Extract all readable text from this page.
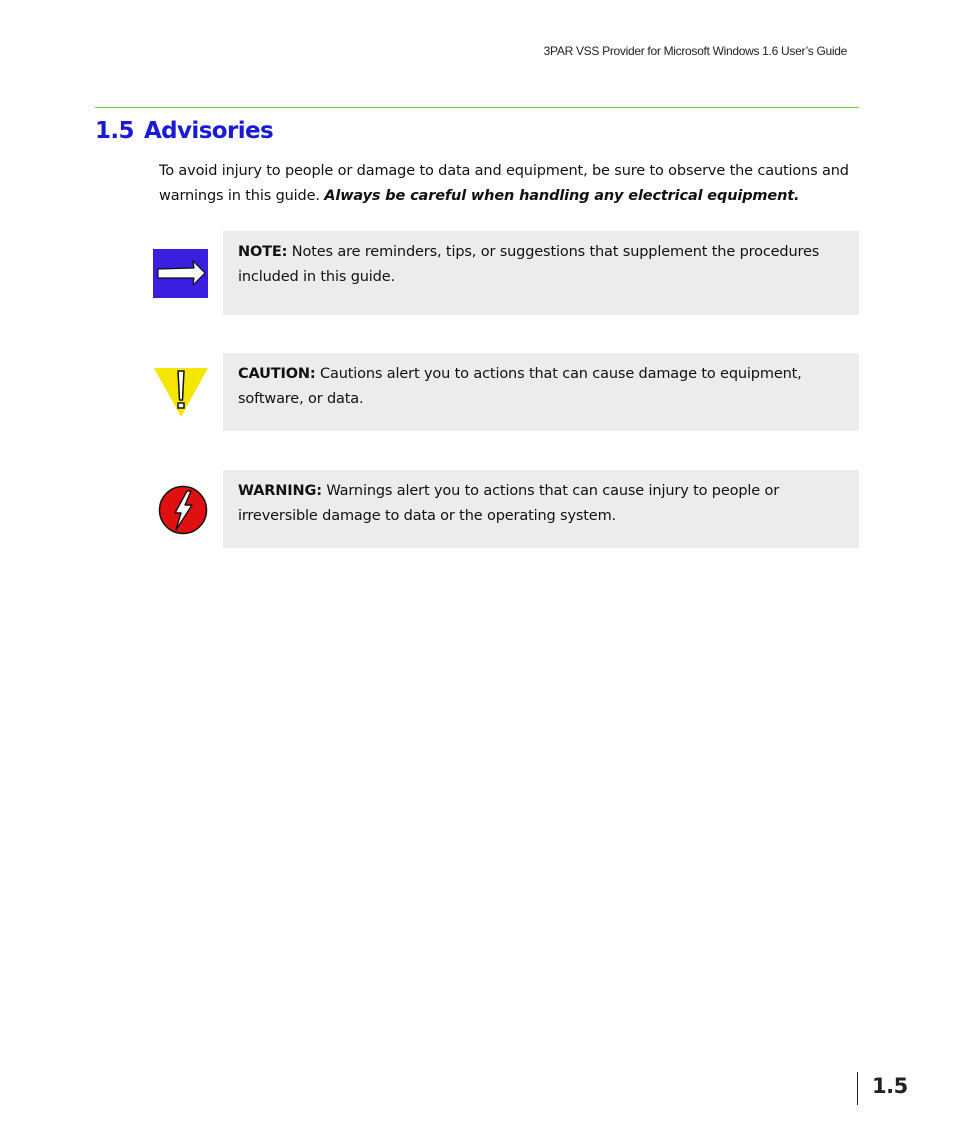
3PAR VSS Provider for Microsoft Windows 1.6 User’s Guide
1.5 Advisories

To avoid injury to people or damage to data and equipment, be sure to observe the cautions and warnings in this guide. Always be careful when handling any electrical equipment.

NOTE: Notes are reminders, tips, or suggestions that supplement the procedures included in this guide.

CAUTION: Cautions alert you to actions that can cause damage to equipment, software, or data.

WARNING: Warnings alert you to actions that can cause injury to people or irreversible damage to data or the operating system.

1.5
